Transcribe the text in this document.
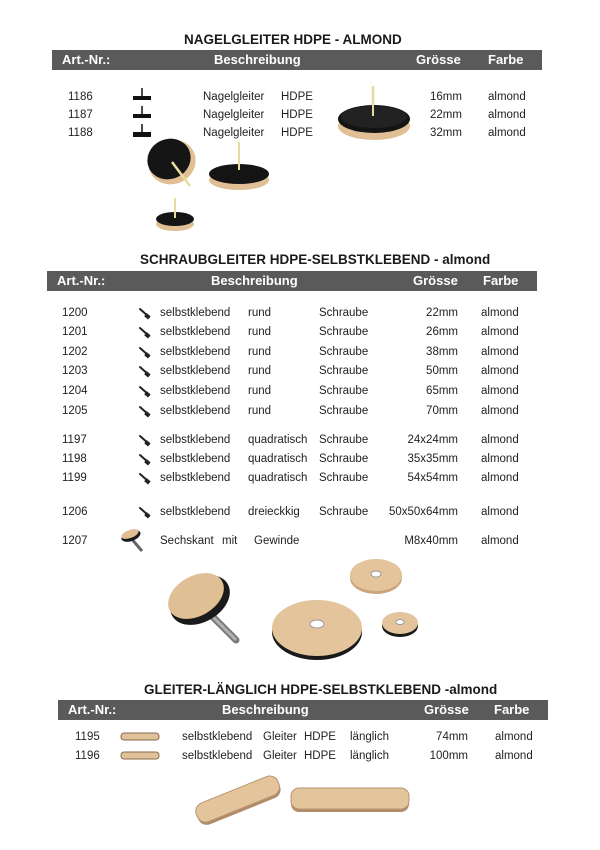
NAGELGLEITER HDPE - ALMOND
Art.-Nr.:	Beschreibung	Grösse Farbe
1186	Nagelgleiter HDPE	16mm almond
1187	Nagelgleiter HDPE	22mm almond
1188	Nagelgleiter HDPE	32mm almond
SCHRAUBGLEITER HDPE-SELBSTKLEBEND - almond
Art.-Nr.:	Beschreibung	Grösse Farbe
1200	selbstklebend rund	Schraube	22mm almond
1201	selbstklebend rund	Schraube	26mm almond
1202	selbstklebend rund	Schraube	38mm almond
1203	selbstklebend rund	Schraube	50mm almond
1204	selbstklebend rund	Schraube	65mm almond
1205	selbstklebend rund	Schraube	70mm almond
1197	selbstklebend quadratisch Schraube	24x24mm almond
1198	selbstklebend quadratisch Schraube	35x35mm almond
1199	selbstklebend quadratisch Schraube	54x54mm almond
1206	selbstklebend dreieckkig Schraube	50x50x64mm almond
1207	Sechskant mit Gewinde	M8x40mm almond
GLEITER-LÄNGLICH HDPE-SELBSTKLEBEND -almond
Art.-Nr.:	Beschreibung	Grösse Farbe
1195	selbstklebend Gleiter HDPE länglich	74mm almond
1196	selbstklebend Gleiter HDPE länglich	100mm almond
